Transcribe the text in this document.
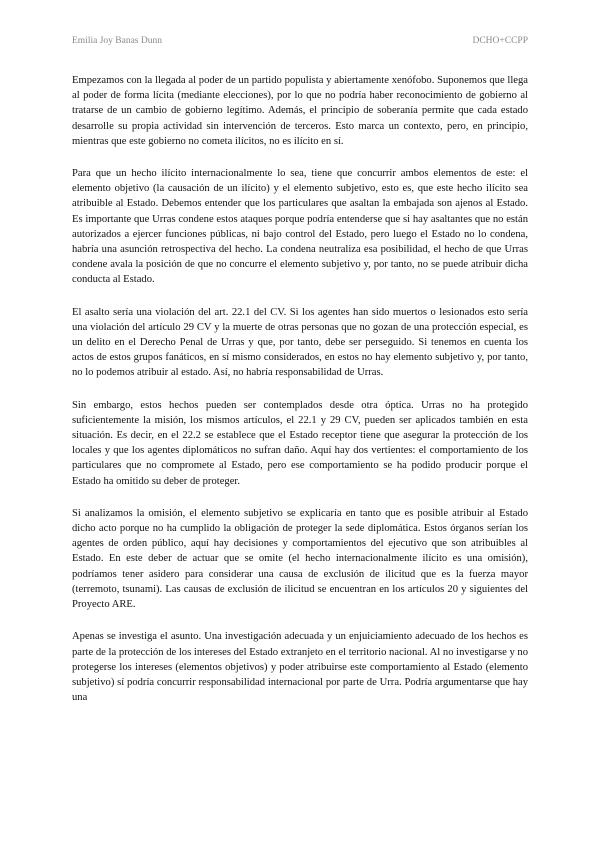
Emilia Joy Banas Dunn	DCHO+CCPP

Empezamos con la llegada al poder de un partido populista y abiertamente xenófobo. Suponemos que llega al poder de forma lícita (mediante elecciones), por lo que no podría haber reconocimiento de gobierno al tratarse de un cambio de gobierno legítimo. Además, el principio de soberanía permite que cada estado desarrolle su propia actividad sin intervención de terceros. Esto marca un contexto, pero, en principio, mientras que este gobierno no cometa ilícitos, no es ilícito en sí.

Para que un hecho ilícito internacionalmente lo sea, tiene que concurrir ambos elementos de este: el elemento objetivo (la causación de un ilícito) y el elemento subjetivo, esto es, que este hecho ilícito sea atribuible al Estado. Debemos entender que los particulares que asaltan la embajada son ajenos al Estado. Es importante que Urras condene estos ataques porque podría entenderse que si hay asaltantes que no están autorizados a ejercer funciones públicas, ni bajo control del Estado, pero luego el Estado no lo condena, habría una asunción retrospectiva del hecho. La condena neutraliza esa posibilidad, el hecho de que Urras condene avala la posición de que no concurre el elemento subjetivo y, por tanto, no se puede atribuir dicha conducta al Estado.

El asalto sería una violación del art. 22.1 del CV. Si los agentes han sido muertos o lesionados esto sería una violación del artículo 29 CV y la muerte de otras personas que no gozan de una protección especial, es un delito en el Derecho Penal de Urras y que, por tanto, debe ser perseguido. Si tenemos en cuenta los actos de estos grupos fanáticos, en sí mismo considerados, en estos no hay elemento subjetivo y, por tanto, no lo podemos atribuir al estado. Así, no habría responsabilidad de Urras.

Sin embargo, estos hechos pueden ser contemplados desde otra óptica. Urras no ha protegido suficientemente la misión, los mismos artículos, el 22.1 y 29 CV, pueden ser aplicados también en esta situación. Es decir, en el 22.2 se establece que el Estado receptor tiene que asegurar la protección de los locales y que los agentes diplomáticos no sufran daño. Aquí hay dos vertientes: el comportamiento de los particulares que no compromete al Estado, pero ese comportamiento se ha podido producir porque el Estado ha omitido su deber de proteger.

Si analizamos la omisión, el elemento subjetivo se explicaría en tanto que es posible atribuir al Estado dicho acto porque no ha cumplido la obligación de proteger la sede diplomática. Estos órganos serían los agentes de orden público, aquí hay decisiones y comportamientos del ejecutivo que son atribuibles al Estado. En este deber de actuar que se omite (el hecho internacionalmente ilícito es una omisión), podríamos tener asidero para considerar una causa de exclusión de ilicitud que es la fuerza mayor (terremoto, tsunami). Las causas de exclusión de ilicitud se encuentran en los artículos 20 y siguientes del Proyecto ARE.

Apenas se investiga el asunto. Una investigación adecuada y un enjuiciamiento adecuado de los hechos es parte de la protección de los intereses del Estado extranjeto en el territorio nacional. Al no investigarse y no protegerse los intereses (elementos objetivos) y poder atribuirse este comportamiento al Estado (elemento subjetivo) sí podría concurrir responsabilidad internacional por parte de Urra. Podría argumentarse que hay una
